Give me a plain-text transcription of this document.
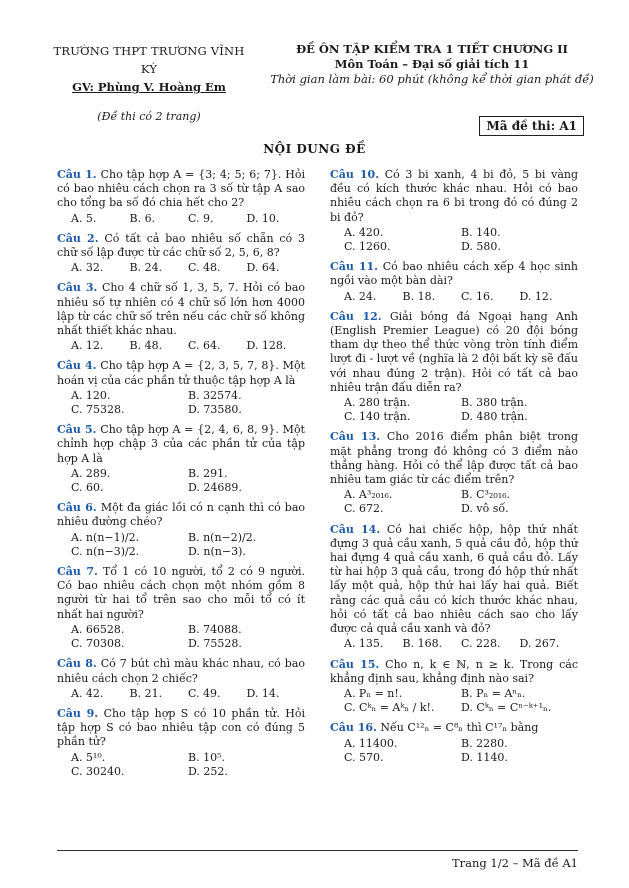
TRƯỜNG THPT TRƯƠNG VĨNH KÝ
GV: Phùng V. Hoàng Em
(Đề thi có 2 trang)
ĐỀ ÔN TẬP KIỂM TRA 1 TIẾT CHƯƠNG II
Môn Toán – Đại số giải tích 11
Thời gian làm bài: 60 phút (không kể thời gian phát đề)
Mã đề thi: A1
NỘI DUNG ĐỀ
Câu 1. Cho tập hợp A = {3; 4; 5; 6; 7}. Hỏi có bao nhiêu cách chọn ra 3 số từ tập A sao cho tổng ba số đó chia hết cho 2?
A. 5.	B. 6.	C. 9.	D. 10.
Câu 2. Có tất cả bao nhiêu số chẵn có 3 chữ số lập được từ các chữ số 2, 5, 6, 8?
A. 32.	B. 24.	C. 48.	D. 64.
Câu 3. Cho 4 chữ số 1, 3, 5, 7. Hỏi có bao nhiêu số tự nhiên có 4 chữ số lớn hơn 4000 lập từ các chữ số trên nếu các chữ số không nhất thiết khác nhau.
A. 12.	B. 48.	C. 64.	D. 128.
Câu 4. Cho tập hợp A = {2, 3, 5, 7, 8}. Một hoán vị của các phần tử thuộc tập hợp A là
A. 120.	B. 32574.
C. 75328.	D. 73580.
Câu 5. Cho tập hợp A = {2, 4, 6, 8, 9}. Một chỉnh hợp chập 3 của các phần tử của tập hợp A là
A. 289.	B. 291.
C. 60.	D. 24689.
Câu 6. Một đa giác lồi có n cạnh thì có bao nhiêu đường chéo?
A. n(n−1)/2.	B. n(n−2)/2.
C. n(n−3)/2.	D. n(n−3).
Câu 7. Tổ 1 có 10 người, tổ 2 có 9 người. Có bao nhiêu cách chọn một nhóm gồm 8 người từ hai tổ trên sao cho mỗi tổ có ít nhất hai người?
A. 66528.	B. 74088.
C. 70308.	D. 75528.
Câu 8. Có 7 bút chì màu khác nhau, có bao nhiêu cách chọn 2 chiếc?
A. 42.	B. 21.	C. 49.	D. 14.
Câu 9. Cho tập hợp S có 10 phần tử. Hỏi tập hợp S có bao nhiêu tập con có đúng 5 phần tử?
A. 5¹⁰.	B. 10⁵.
C. 30240.	D. 252.
Câu 10. Có 3 bi xanh, 4 bi đỏ, 5 bi vàng đều có kích thước khác nhau. Hỏi có bao nhiêu cách chọn ra 6 bi trong đó có đúng 2 bi đỏ?
A. 420.	B. 140.
C. 1260.	D. 580.
Câu 11. Có bao nhiêu cách xếp 4 học sinh ngồi vào một bàn dài?
A. 24.	B. 18.	C. 16.	D. 12.
Câu 12. Giải bóng đá Ngoại hạng Anh (English Premier League) có 20 đội bóng tham dự theo thể thức vòng tròn tính điểm lượt đi - lượt về (nghĩa là 2 đội bất kỳ sẽ đấu với nhau đúng 2 trận). Hỏi có tất cả bao nhiêu trận đấu diễn ra?
A. 280 trận.	B. 380 trận.
C. 140 trận.	D. 480 trận.
Câu 13. Cho 2016 điểm phân biệt trong mặt phẳng trong đó không có 3 điểm nào thẳng hàng. Hỏi có thể lập được tất cả bao nhiêu tam giác từ các điểm trên?
A. A³₂₀₁₆.	B. C³₂₀₁₆.
C. 672.	D. vô số.
Câu 14. Có hai chiếc hộp, hộp thứ nhất đựng 3 quả cầu xanh, 5 quả cầu đỏ, hộp thứ hai đựng 4 quả cầu xanh, 6 quả cầu đỏ. Lấy từ hai hộp 3 quả cầu, trong đó hộp thứ nhất lấy một quả, hộp thứ hai lấy hai quả. Biết rằng các quả cầu có kích thước khác nhau, hỏi có tất cả bao nhiêu cách sao cho lấy được cả quả cầu xanh và đỏ?
A. 135.	B. 168.	C. 228.	D. 267.
Câu 15. Cho n, k ∈ ℕ, n ≥ k. Trong các khẳng định sau, khẳng định nào sai?
A. Pₙ = n!.	B. Pₙ = Aⁿₙ.
C. Cᵏₙ = Aᵏₙ / k!.	D. Cᵏₙ = Cⁿ⁻ᵏ⁺¹ₙ.
Câu 16. Nếu C¹²ₙ = C⁸ₙ thì C¹⁷ₙ bằng
A. 11400.	B. 2280.
C. 570.	D. 1140.
Trang 1/2 – Mã đề A1
